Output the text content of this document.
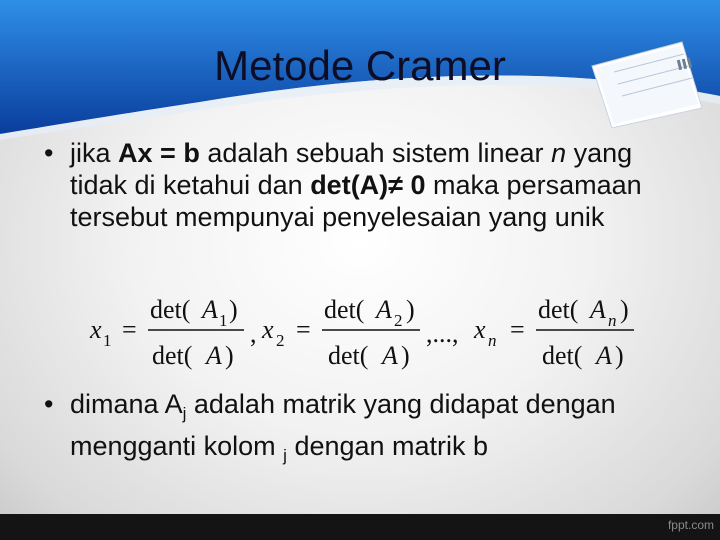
Metode Cramer
• jika Ax = b adalah sebuah sistem linear n yang tidak di ketahui dan det(A)≠ 0 maka persamaan tersebut mempunyai penyelesaian yang unik
x 1 =
det( A 1 )
det( A )
, x 2 =
det( A 2 )
det( A )
,..., x n =
det( A n )
det( A )
• dimana $A_j$ adalah matrik yang didapat dengan mengganti kolom $_j$ dengan matrik b
fppt.com
